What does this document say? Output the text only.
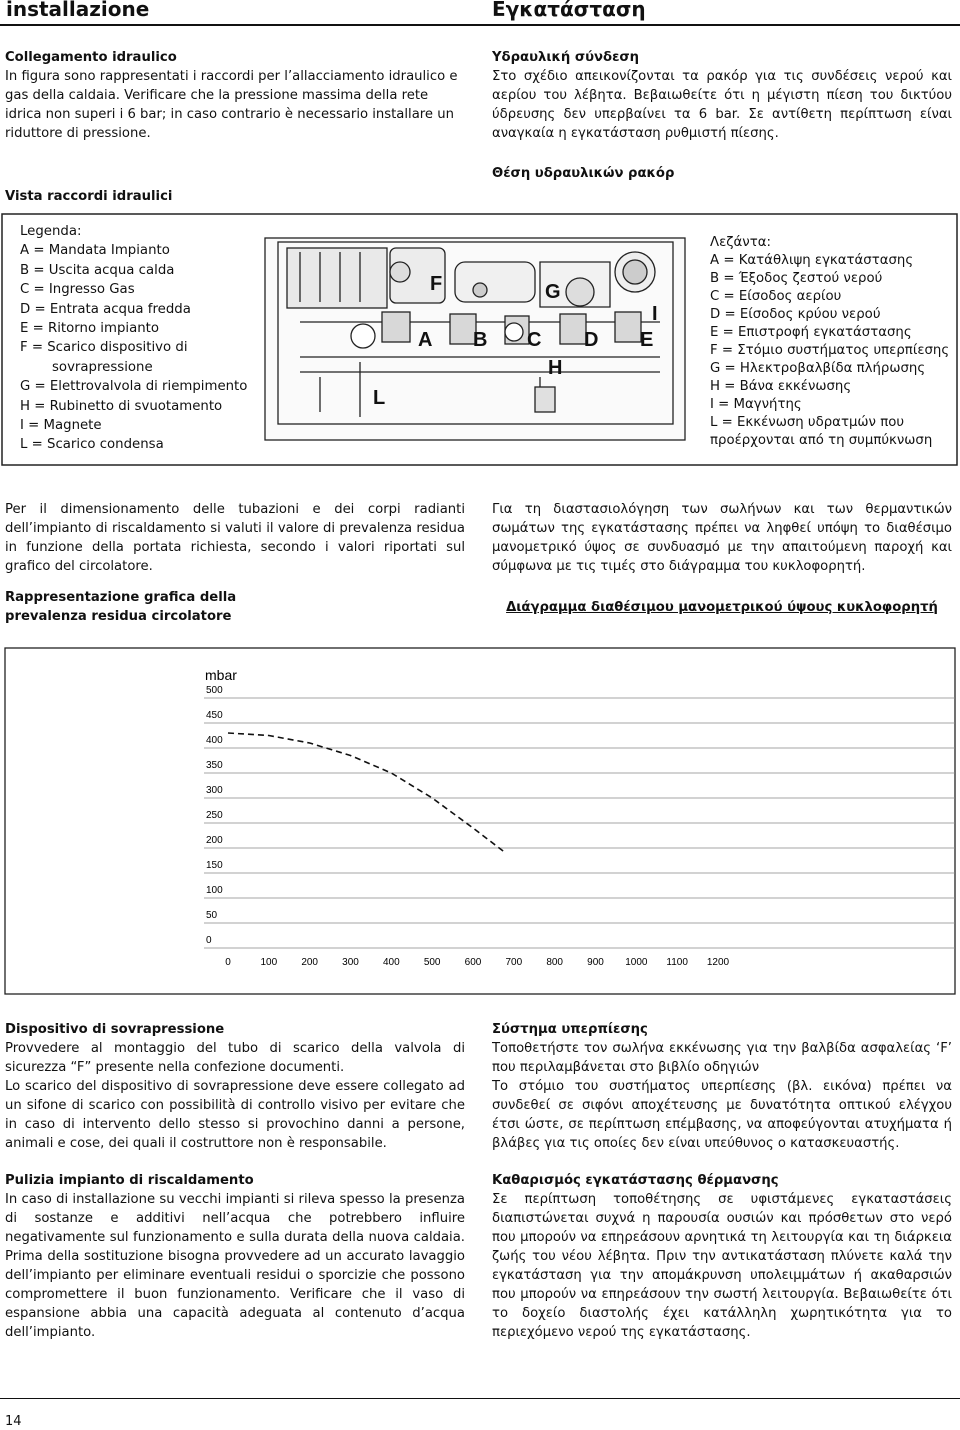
installazione	Εγκατάσταση

Collegamento idraulico

In figura sono rappresentati i raccordi per l’allacciamento idraulico e gas della caldaia. Verificare che la pressione massima della rete idrica non superi i 6 bar; in caso contrario è necessario installare un riduttore di pressione.

Υδραυλική σύνδεση

Στο σχέδιο απεικονίζονται τα ρακόρ για τις συνδέσεις νερού και αερίου του λέβητα. Βεβαιωθείτε ότι η μέγιστη πίεση του δικτύου ύδρευσης δεν υπερβαίνει τα 6 bar. Σε αντίθετη περίπτωση είναι αναγκαία η εγκατάσταση ρυθμιστή πίεσης.

Vista raccordi idraulici
Θέση υδραυλικών ρακόρ
F	G
I
A B C D E
H
L
Legenda:
A = Mandata Impianto
B = Uscita acqua calda
C = Ingresso Gas
D = Entrata acqua fredda
E = Ritorno impianto
F = Scarico dispositivo di
sovrapressione
G = Elettrovalvola di riempimento
H = Rubinetto di svuotamento
I = Magnete
L = Scarico condensa
Λεζάντα:
A = Κατάθλιψη εγκατάστασης
B = Έξοδος ζεστού νερού
C = Είσοδος αερίου
D = Είσοδος κρύου νερού
E = Επιστροφή εγκατάστασης
F = Στόμιο συστήματος υπερπίεσης
G = Ηλεκτροβαλβίδα πλήρωσης
H = Βάνα εκκένωσης
I = Μαγνήτης
L = Εκκένωση υδρατμών που
προέρχονται από τη συμπύκνωση

Per il dimensionamento delle tubazioni e dei corpi radianti dell’impianto di riscaldamento si valuti il valore di prevalenza residua in funzione della portata richiesta, secondo i valori riportati sul grafico del circolatore.

Rappresentazione grafica della prevalenza residua circolatore

Για τη διαστασιολόγηση των σωλήνων και των θερμαντικών σωμάτων της εγκατάστασης πρέπει να ληφθεί υπόψη το διαθέσιμο μανομετρικό ύψος σε συνδυασμό με την απαιτούμενη παροχή και σύμφωνα με τις τιμές στο διάγραμμα του κυκλοφορητή.

Διάγραμμα διαθέσιμου μανομετρικού ύψους κυκλοφορητή

mbar
0
50
100
150
200
250
300
350
400
450
500
0	100 200 300 400 500 600 700 800 900 1000 1100 1200

Dispositivo di sovrapressione

Provvedere al montaggio del tubo di scarico della valvola di sicurezza “F” presente nella confezione documenti.

Lo scarico del dispositivo di sovrapressione deve essere collegato ad un sifone di scarico con possibilità di controllo visivo per evitare che in caso di intervento dello stesso si provochino danni a persone, animali e cose, dei quali il costruttore non è responsabile.

Pulizia impianto di riscaldamento

In caso di installazione su vecchi impianti si rileva spesso la presenza di sostanze e additivi nell’acqua che potrebbero influire negativamente sul funzionamento e sulla durata della nuova caldaia. Prima della sostituzione bisogna provvedere ad un accurato lavaggio dell’impianto per eliminare eventuali residui o sporcizie che possono compromettere il buon funzionamento. Verificare che il vaso di espansione abbia una capacità adeguata al contenuto d’acqua dell’impianto.

Σύστημα υπερπίεσης

Τοποθετήστε τον σωλήνα εκκένωσης για την βαλβίδα ασφαλείας ‘F’ που περιλαμβάνεται στο βιβλίο οδηγιών

Το στόμιο του συστήματος υπερπίεσης (βλ. εικόνα) πρέπει να συνδεθεί σε σιφόνι αποχέτευσης με δυνατότητα οπτικού ελέγχου έτσι ώστε, σε περίπτωση επέμβασης, να αποφεύγονται ατυχήματα ή βλάβες για τις οποίες δεν είναι υπεύθυνος ο κατασκευαστής.

Καθαρισμός εγκατάστασης θέρμανσης

Σε περίπτωση τοποθέτησης σε υφιστάμενες εγκαταστάσεις διαπιστώνεται συχνά η παρουσία ουσιών και πρόσθετων στο νερό που μπορούν να επηρεάσουν αρνητικά τη λειτουργία και τη διάρκεια ζωής του νέου λέβητα. Πριν την αντικατάσταση πλύνετε καλά την εγκατάσταση για την απομάκρυνση υπολειμμάτων ή ακαθαρσιών που μπορούν να επηρεάσουν την σωστή λειτουργία. Βεβαιωθείτε ότι το δοχείο διαστολής έχει κατάλληλη χωρητικότητα για το περιεχόμενο νερού της εγκατάστασης.

14
